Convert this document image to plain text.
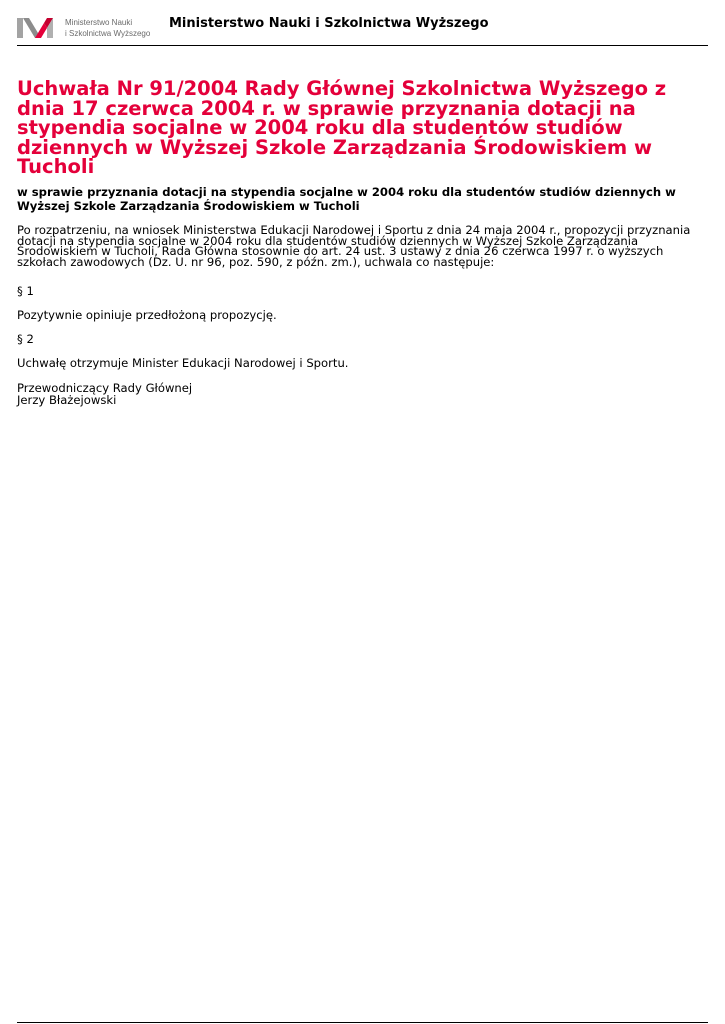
Ministerstwo Nauki
i Szkolnictwa Wyższego
Ministerstwo Nauki i Szkolnictwa Wyższego
Uchwała Nr 91/2004 Rady Głównej Szkolnictwa Wyższego z dnia 17 czerwca 2004 r. w sprawie przyznania dotacji na stypendia socjalne w 2004 roku dla studentów studiów dziennych w Wyższej Szkole Zarządzania Środowiskiem w Tucholi

w sprawie przyznania dotacji na stypendia socjalne w 2004 roku dla studentów studiów dziennych w Wyższej Szkole Zarządzania Środowiskiem w Tucholi

Po rozpatrzeniu, na wniosek Ministerstwa Edukacji Narodowej i Sportu z dnia 24 maja 2004 r., propozycji przyznania dotacji na stypendia socjalne w 2004 roku dla studentów studiów dziennych w Wyższej Szkole Zarządzania Środowiskiem w Tucholi, Rada Główna stosownie do art. 24 ust. 3 ustawy z dnia 26 czerwca 1997 r. o wyższych szkołach zawodowych (Dz. U. nr 96, poz. 590, z późn. zm.), uchwala co następuje:

§ 1

Pozytywnie opiniuje przedłożoną propozycję.

§ 2

Uchwałę otrzymuje Minister Edukacji Narodowej i Sportu.

Przewodniczący Rady Głównej

Jerzy Błażejowski
